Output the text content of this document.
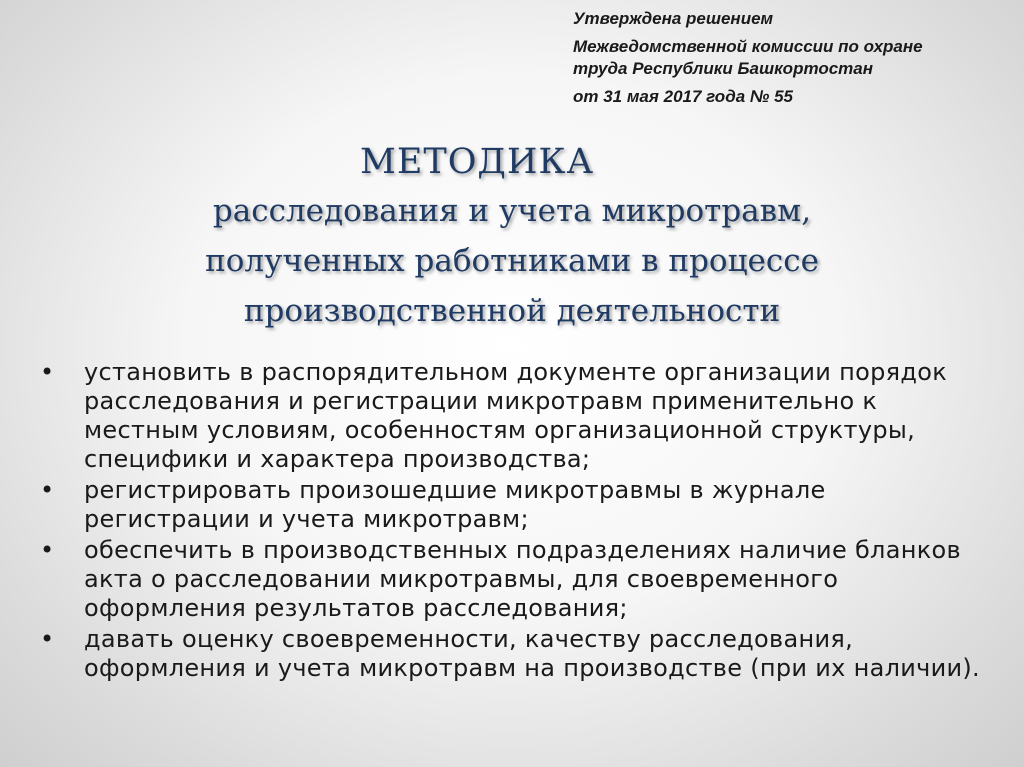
Утверждена решением
Межведомственной комиссии по охране
труда Республики Башкортостан
от 31 мая 2017 года № 55
МЕТОДИКА
расследования и учета микротравм,
полученных работниками в процессе
производственной деятельности
• установить в распорядительном документе организации порядок расследования и регистрации микротравм применительно к местным условиям, особенностям организационной структуры, специфики и характера производства;
• регистрировать произошедшие микротравмы в журнале регистрации и учета микротравм;
• обеспечить в производственных подразделениях наличие бланков акта о расследовании микротравмы, для своевременного оформления результатов расследования;
• давать оценку своевременности, качеству расследования, оформления и учета микротравм на производстве (при их наличии).
